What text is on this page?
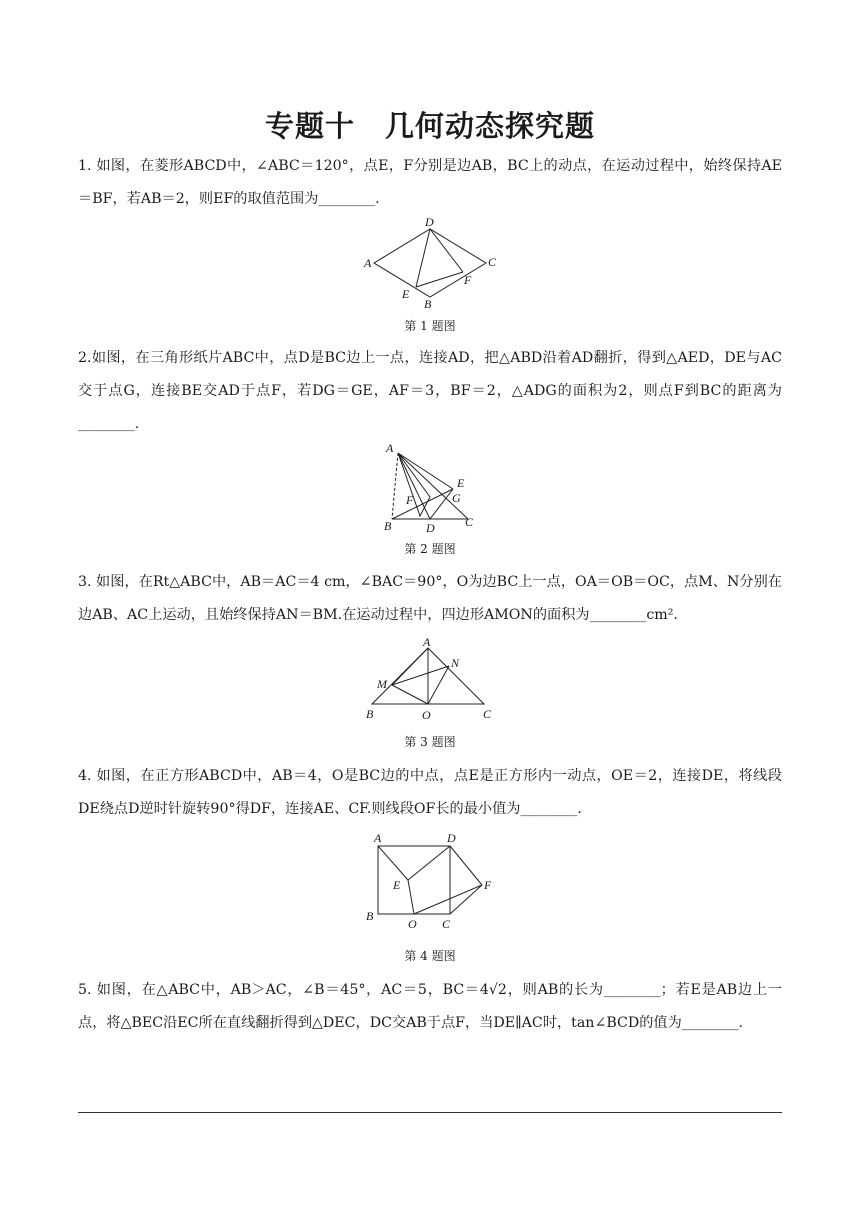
专题十　几何动态探究题
1. 如图，在菱形ABCD中，∠ABC＝120°，点E，F分别是边AB，BC上的动点，在运动过程中，始终保持AE＝BF，若AB＝2，则EF的取值范围为________.
A
D
C
B
E
F
第 1 题图
2.如图，在三角形纸片ABC中，点D是BC边上一点，连接AD，把△ABD沿着AD翻折，得到△AED，DE与AC交于点G，连接BE交AD于点F，若DG＝GE，AF＝3，BF＝2，△ADG的面积为2，则点F到BC的距离为________.
A
E
F	G
B	D	C
第 2 题图
3. 如图，在Rt△ABC中，AB＝AC＝4 cm，∠BAC＝90°，O为边BC上一点，OA＝OB＝OC，点M、N分别在边AB、AC上运动，且始终保持AN＝BM.在运动过程中，四边形AMON的面积为________cm².
A
N
M
B	O	C
第 3 题图
4. 如图，在正方形ABCD中，AB＝4，O是BC边的中点，点E是正方形内一动点，OE＝2，连接DE，将线段DE绕点D逆时针旋转90°得DF，连接AE、CF.则线段OF长的最小值为________.
A	D
E	F
B
O C
第 4 题图
5. 如图，在△ABC中，AB＞AC，∠B＝45°，AC＝5，BC＝4√2，则AB的长为________；若E是AB边上一点，将△BEC沿EC所在直线翻折得到△DEC，DC交AB于点F，当DE∥AC时，tan∠BCD的值为________.
